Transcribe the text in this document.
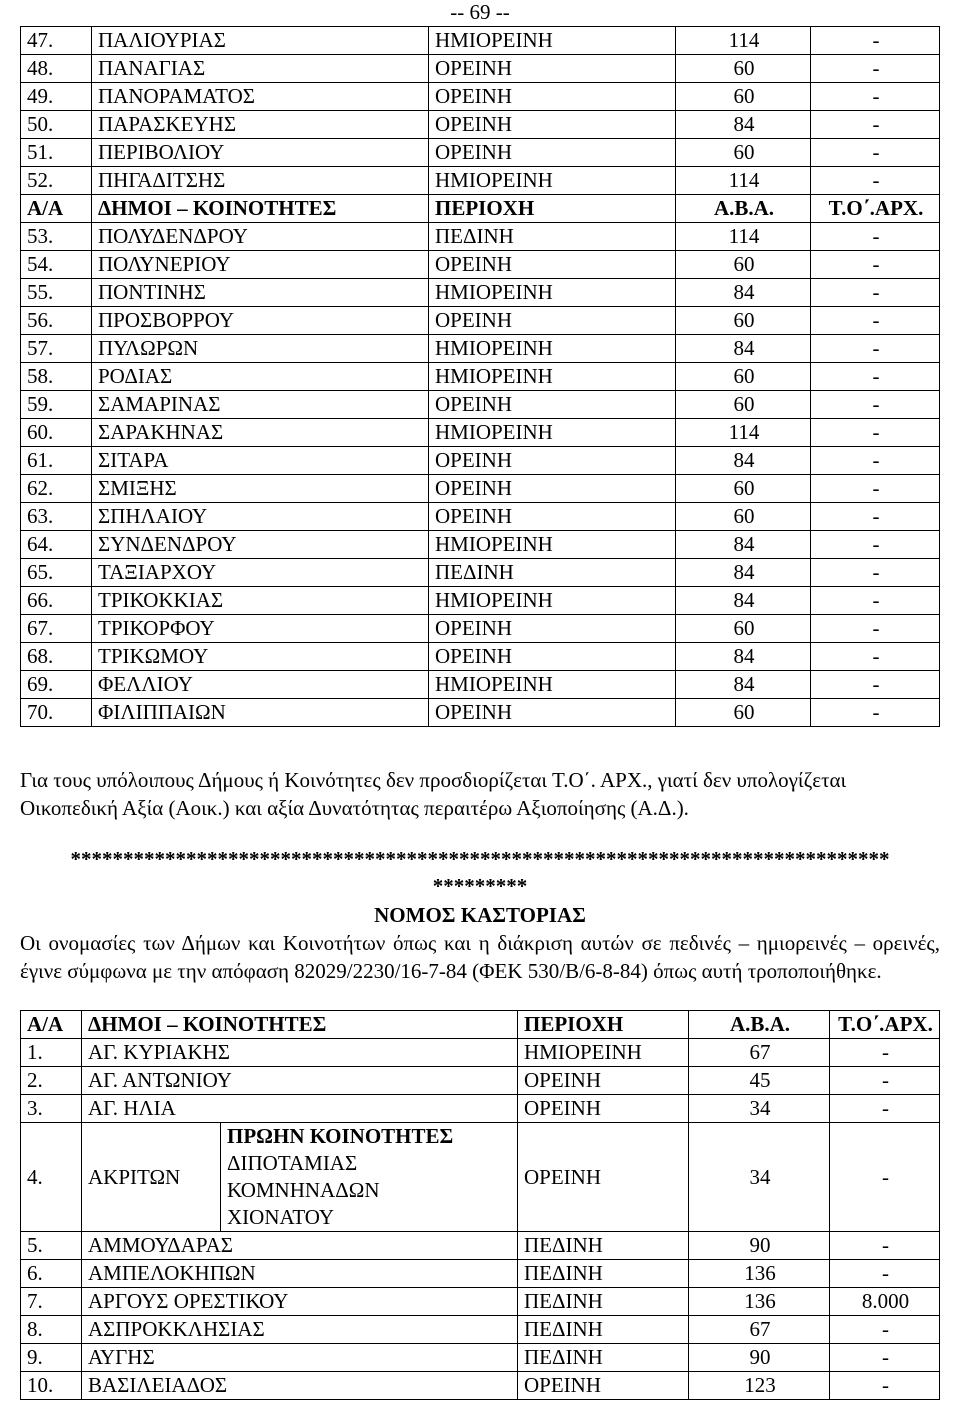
-- 69 --
47.	ΠΑΛΙΟΥΡΙΑΣ	ΗΜΙΟΡΕΙΝΗ	114	-
48.	ΠΑΝΑΓΙΑΣ	ΟΡΕΙΝΗ	60	-
49.	ΠΑΝΟΡΑΜΑΤΟΣ	ΟΡΕΙΝΗ	60	-
50.	ΠΑΡΑΣΚΕΥΗΣ	ΟΡΕΙΝΗ	84	-
51.	ΠΕΡΙΒΟΛΙΟΥ	ΟΡΕΙΝΗ	60	-
52.	ΠΗΓΑΔΙΤΣΗΣ	ΗΜΙΟΡΕΙΝΗ	114	-
Α/Α	ΔΗΜΟΙ – ΚΟΙΝΟΤΗΤΕΣ	ΠΕΡΙΟΧΗ	Α.Β.Α.	Τ.Ο΄.ΑΡΧ.
53.	ΠΟΛΥΔΕΝΔΡΟΥ	ΠΕΔΙΝΗ	114	-
54.	ΠΟΛΥΝΕΡΙΟΥ	ΟΡΕΙΝΗ	60	-
55.	ΠΟΝΤΙΝΗΣ	ΗΜΙΟΡΕΙΝΗ	84	-
56.	ΠΡΟΣΒΟΡΡΟΥ	ΟΡΕΙΝΗ	60	-
57.	ΠΥΛΩΡΩΝ	ΗΜΙΟΡΕΙΝΗ	84	-
58.	ΡΟΔΙΑΣ	ΗΜΙΟΡΕΙΝΗ	60	-
59.	ΣΑΜΑΡΙΝΑΣ	ΟΡΕΙΝΗ	60	-
60.	ΣΑΡΑΚΗΝΑΣ	ΗΜΙΟΡΕΙΝΗ	114	-
61.	ΣΙΤΑΡΑ	ΟΡΕΙΝΗ	84	-
62.	ΣΜΙΞΗΣ	ΟΡΕΙΝΗ	60	-
63.	ΣΠΗΛΑΙΟΥ	ΟΡΕΙΝΗ	60	-
64.	ΣΥΝΔΕΝΔΡΟΥ	ΗΜΙΟΡΕΙΝΗ	84	-
65.	ΤΑΞΙΑΡΧΟΥ	ΠΕΔΙΝΗ	84	-
66.	ΤΡΙΚΟΚΚΙΑΣ	ΗΜΙΟΡΕΙΝΗ	84	-
67.	ΤΡΙΚΟΡΦΟΥ	ΟΡΕΙΝΗ	60	-
68.	ΤΡΙΚΩΜΟΥ	ΟΡΕΙΝΗ	84	-
69.	ΦΕΛΛΙΟΥ	ΗΜΙΟΡΕΙΝΗ	84	-
70.	ΦΙΛΙΠΠΑΙΩΝ	ΟΡΕΙΝΗ	60	-
Για τους υπόλοιπους Δήμους ή Κοινότητες δεν προσδιορίζεται Τ.Ο΄. ΑΡΧ., γιατί δεν υπολογίζεται Οικοπεδική Αξία (Αοικ.) και αξία Δυνατότητας περαιτέρω Αξιοποίησης (Α.Δ.).
******************************************************************************
*********
ΝΟΜΟΣ ΚΑΣΤΟΡΙΑΣ
Οι ονομασίες των Δήμων και Κοινοτήτων όπως και η διάκριση αυτών σε πεδινές – ημιορεινές – ορεινές, έγινε σύμφωνα με την απόφαση 82029/2230/16-7-84 (ΦΕΚ 530/Β/6-8-84) όπως αυτή τροποποιήθηκε.
Α/Α	ΔΗΜΟΙ – ΚΟΙΝΟΤΗΤΕΣ		ΠΕΡΙΟΧΗ	Α.Β.Α.	Τ.Ο΄.ΑΡΧ.
1.	ΑΓ. ΚΥΡΙΑΚΗΣ		ΗΜΙΟΡΕΙΝΗ	67	-
2.	ΑΓ. ΑΝΤΩΝΙΟΥ		ΟΡΕΙΝΗ	45	-
3.	ΑΓ. ΗΛΙΑ		ΟΡΕΙΝΗ	34	-
4.	ΑΚΡΙΤΩΝ	ΠΡΩΗΝ ΚΟΙΝΟΤΗΤΕΣ
ΔΙΠΟΤΑΜΙΑΣ
ΚΟΜΝΗΝΑΔΩΝ
ΧΙΟΝΑΤΟΥ	ΟΡΕΙΝΗ	34	-
5.	ΑΜΜΟΥΔΑΡΑΣ		ΠΕΔΙΝΗ	90	-
6.	ΑΜΠΕΛΟΚΗΠΩΝ		ΠΕΔΙΝΗ	136	-
7.	ΑΡΓΟΥΣ ΟΡΕΣΤΙΚΟΥ		ΠΕΔΙΝΗ	136	8.000
8.	ΑΣΠΡΟΚΚΛΗΣΙΑΣ		ΠΕΔΙΝΗ	67	-
9.	ΑΥΓΗΣ		ΠΕΔΙΝΗ	90	-
10.	ΒΑΣΙΛΕΙΑΔΟΣ		ΟΡΕΙΝΗ	123	-
